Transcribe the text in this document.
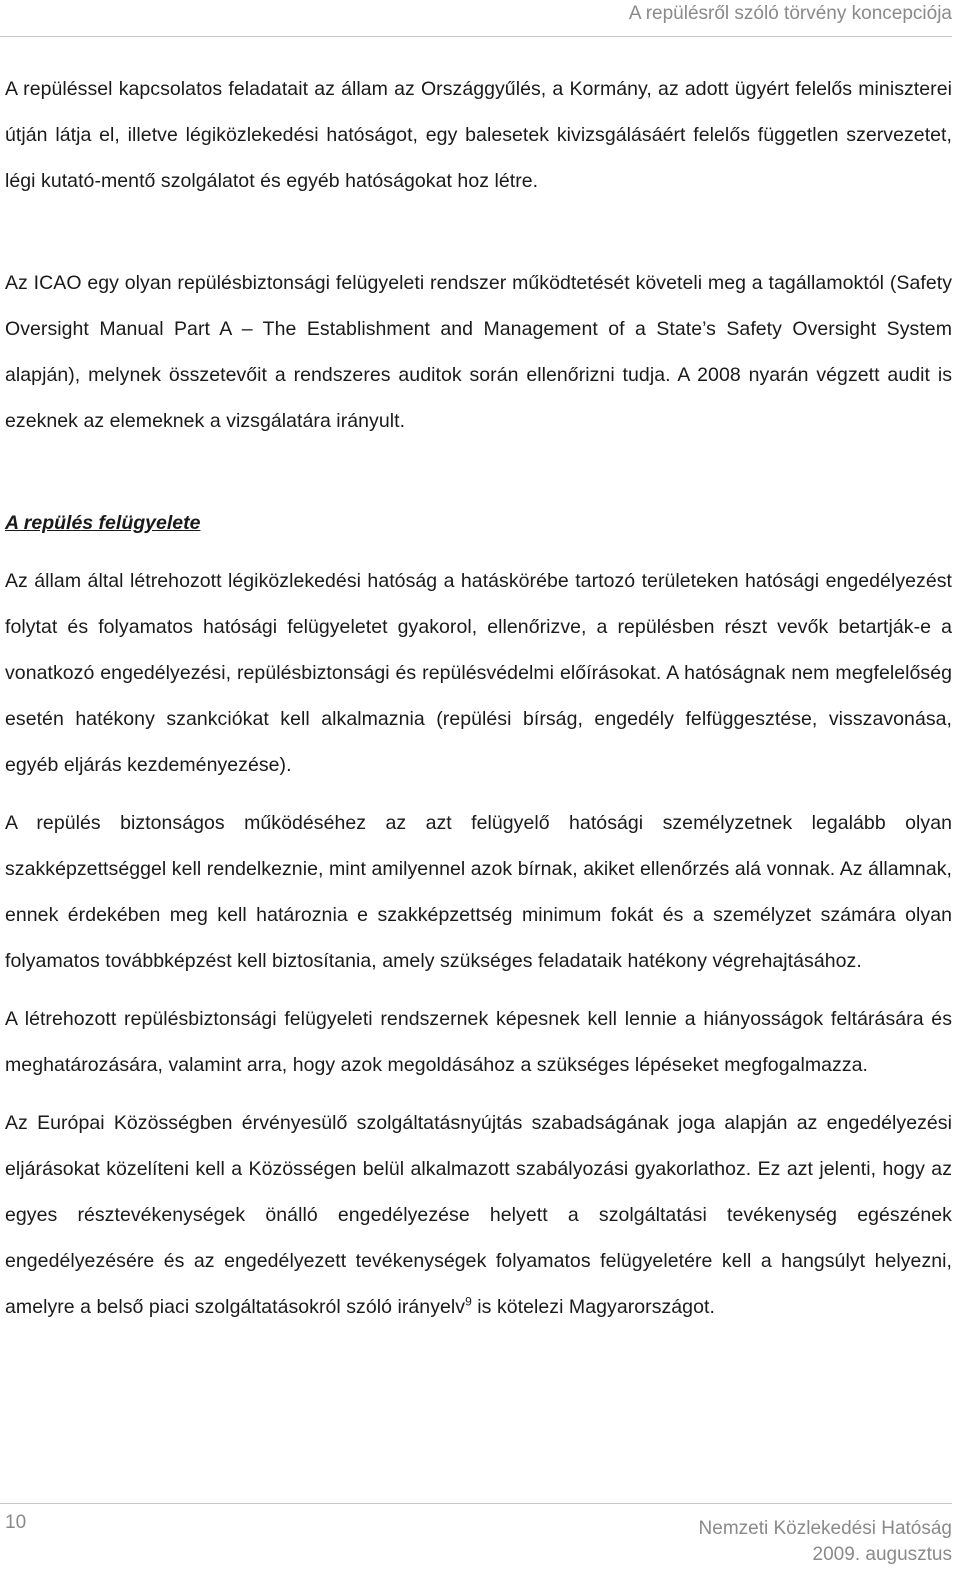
A repülésről szóló törvény koncepciója

A repüléssel kapcsolatos feladatait az állam az Országgyűlés, a Kormány, az adott ügyért felelős miniszterei útján látja el, illetve légiközlekedési hatóságot, egy balesetek kivizsgálásáért felelős független szervezetet, légi kutató-mentő szolgálatot és egyéb hatóságokat hoz létre.

Az ICAO egy olyan repülésbiztonsági felügyeleti rendszer működtetését követeli meg a tagállamoktól (Safety Oversight Manual Part A – The Establishment and Management of a State’s Safety Oversight System alapján), melynek összetevőit a rendszeres auditok során ellenőrizni tudja. A 2008 nyarán végzett audit is ezeknek az elemeknek a vizsgálatára irányult.

A repülés felügyelete

Az állam által létrehozott légiközlekedési hatóság a hatáskörébe tartozó területeken hatósági engedélyezést folytat és folyamatos hatósági felügyeletet gyakorol, ellenőrizve, a repülésben részt vevők betartják-e a vonatkozó engedélyezési, repülésbiztonsági és repülésvédelmi előírásokat. A hatóságnak nem megfelelőség esetén hatékony szankciókat kell alkalmaznia (repülési bírság, engedély felfüggesztése, visszavonása, egyéb eljárás kezdeményezése).

A repülés biztonságos működéséhez az azt felügyelő hatósági személyzetnek legalább olyan szakképzettséggel kell rendelkeznie, mint amilyennel azok bírnak, akiket ellenőrzés alá vonnak. Az államnak, ennek érdekében meg kell határoznia e szakképzettség minimum fokát és a személyzet számára olyan folyamatos továbbképzést kell biztosítania, amely szükséges feladataik hatékony végrehajtásához.

A létrehozott repülésbiztonsági felügyeleti rendszernek képesnek kell lennie a hiányosságok feltárására és meghatározására, valamint arra, hogy azok megoldásához a szükséges lépéseket megfogalmazza.

Az Európai Közösségben érvényesülő szolgáltatásnyújtás szabadságának joga alapján az engedélyezési eljárásokat közelíteni kell a Közösségen belül alkalmazott szabályozási gyakorlathoz. Ez azt jelenti, hogy az egyes résztevékenységek önálló engedélyezése helyett a szolgáltatási tevékenység egészének engedélyezésére és az engedélyezett tevékenységek folyamatos felügyeletére kell a hangsúlyt helyezni, amelyre a belső piaci szolgáltatásokról szóló irányelv$^9$ is kötelezi Magyarországot.

10	Nemzeti Közlekedési Hatóság
2009. augusztus
